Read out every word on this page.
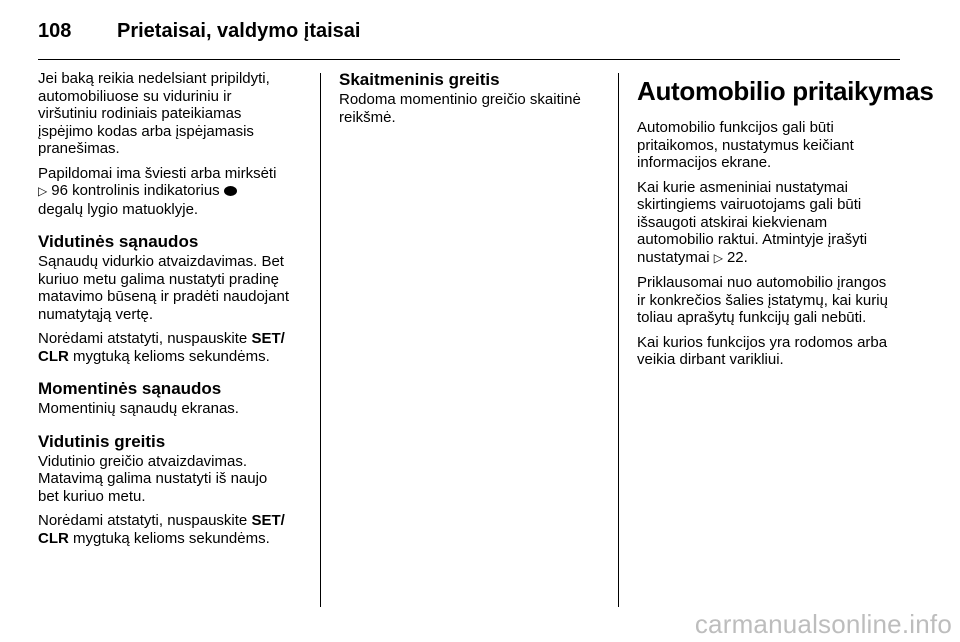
108 Prietaisai, valdymo įtaisai

Jei baką reikia nedelsiant pripildyti,
automobiliuose su viduriniu ir
viršutiniu rodiniais pateikiamas
įspėjimo kodas arba įspėjamasis
pranešimas.

Papildomai ima šviesti arba mirksėti
▷ 96 kontrolinis indikatorius
degalų lygio matuoklyje.

Vidutinės sąnaudos

Sąnaudų vidurkio atvaizdavimas. Bet
kuriuo metu galima nustatyti pradinę
matavimo būseną ir pradėti naudojant
numatytąją vertę.

Norėdami atstatyti, nuspauskite SET/
CLR mygtuką kelioms sekundėms.

Momentinės sąnaudos

Momentinių sąnaudų ekranas.

Vidutinis greitis

Vidutinio greičio atvaizdavimas.
Matavimą galima nustatyti iš naujo
bet kuriuo metu.

Norėdami atstatyti, nuspauskite SET/
CLR mygtuką kelioms sekundėms.

Skaitmeninis greitis

Rodoma momentinio greičio skaitinė
reikšmė.

Automobilio pritaikymas

Automobilio funkcijos gali būti
pritaikomos, nustatymus keičiant
informacijos ekrane.

Kai kurie asmeniniai nustatymai
skirtingiems vairuotojams gali būti
išsaugoti atskirai kiekvienam
automobilio raktui. Atmintyje įrašyti
nustatymai ▷ 22.

Priklausomai nuo automobilio įrangos
ir konkrečios šalies įstatymų, kai kurių
toliau aprašytų funkcijų gali nebūti.

Kai kurios funkcijos yra rodomos arba
veikia dirbant varikliui.

carmanualsonline.info
